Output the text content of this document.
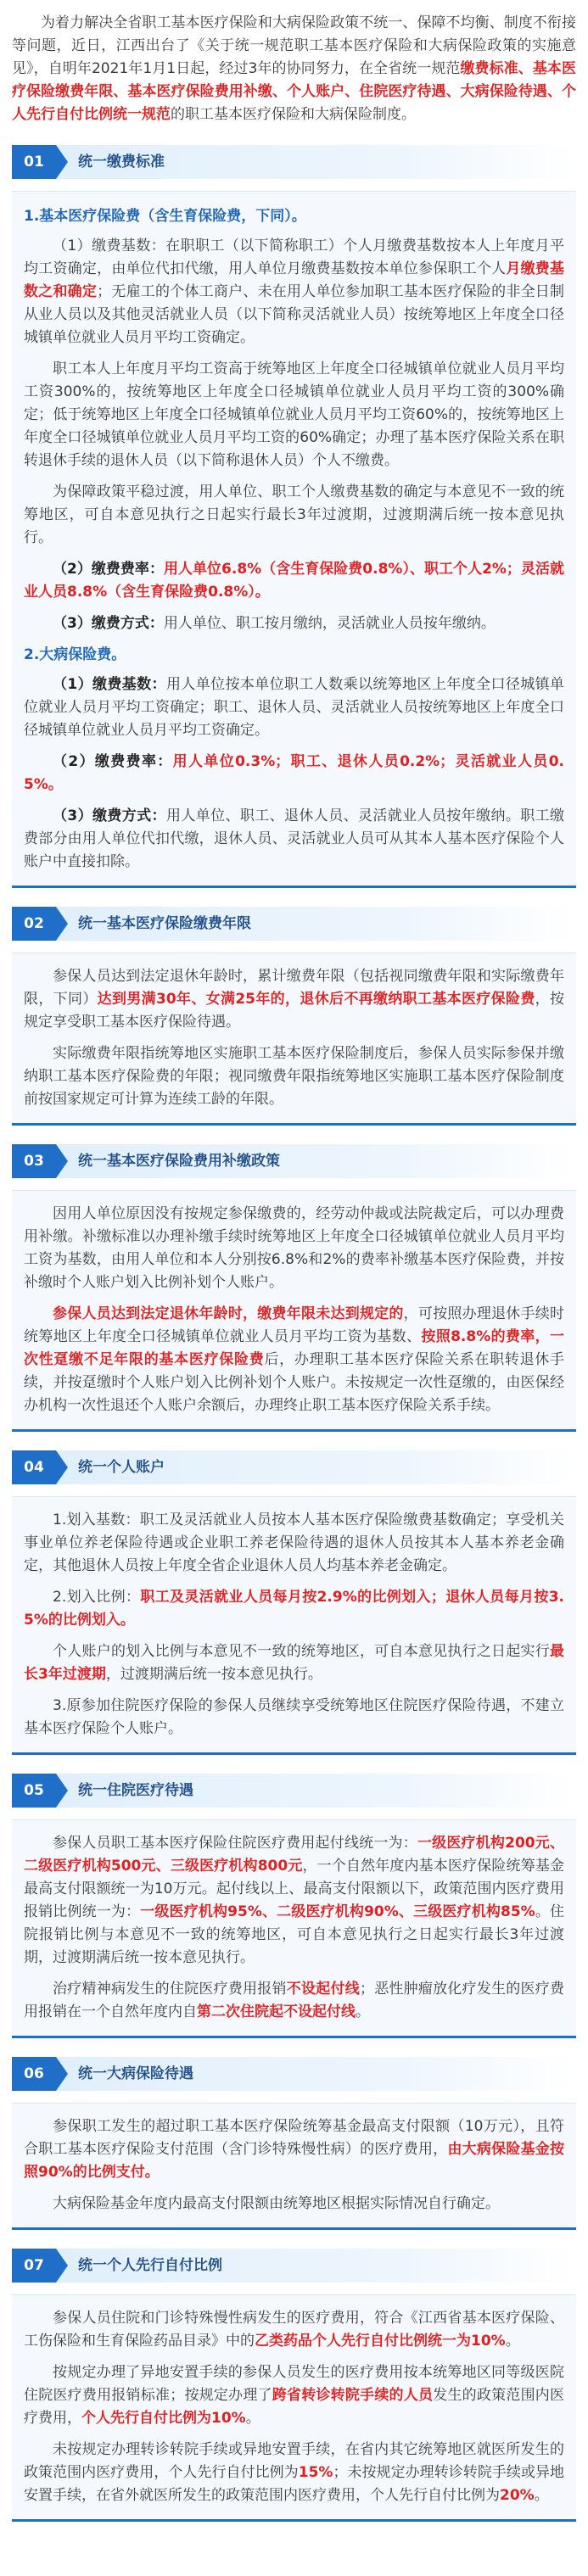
为着力解决全省职工基本医疗保险和大病保险政策不统一、保障不均衡、制度不衔接等问题，近日，江西出台了《关于统一规范职工基本医疗保险和大病保险政策的实施意见》，自明年2021年1月1日起，经过3年的协同努力，在全省统一规范缴费标准、基本医疗保险缴费年限、基本医疗保险费用补缴、个人账户、住院医疗待遇、大病保险待遇、个人先行自付比例统一规范的职工基本医疗保险和大病保险制度。

01	统一缴费标准

1.基本医疗保险费（含生育保险费，下同）。

（1）缴费基数：在职职工（以下简称职工）个人月缴费基数按本人上年度月平均工资确定，由单位代扣代缴，用人单位月缴费基数按本单位参保职工个人月缴费基数之和确定；无雇工的个体工商户、未在用人单位参加职工基本医疗保险的非全日制从业人员以及其他灵活就业人员（以下简称灵活就业人员）按统筹地区上年度全口径城镇单位就业人员月平均工资确定。

职工本人上年度月平均工资高于统筹地区上年度全口径城镇单位就业人员月平均工资300%的，按统筹地区上年度全口径城镇单位就业人员月平均工资的300%确定；低于统筹地区上年度全口径城镇单位就业人员月平均工资60%的，按统筹地区上年度全口径城镇单位就业人员月平均工资的60%确定；办理了基本医疗保险关系在职转退休手续的退休人员（以下简称退休人员）个人不缴费。

为保障政策平稳过渡，用人单位、职工个人缴费基数的确定与本意见不一致的统筹地区，可自本意见执行之日起实行最长3年过渡期，过渡期满后统一按本意见执行。

（2）缴费费率：用人单位6.8%（含生育保险费0.8%）、职工个人2%；灵活就业人员8.8%（含生育保险费0.8%）。

（3）缴费方式：用人单位、职工按月缴纳，灵活就业人员按年缴纳。

2.大病保险费。

（1）缴费基数：用人单位按本单位职工人数乘以统筹地区上年度全口径城镇单位就业人员月平均工资确定；职工、退休人员、灵活就业人员按统筹地区上年度全口径城镇单位就业人员月平均工资确定。

（2）缴费费率：用人单位0.3%；职工、退休人员0.2%；灵活就业人员0.5%。

（3）缴费方式：用人单位、职工、退休人员、灵活就业人员按年缴纳。职工缴费部分由用人单位代扣代缴，退休人员、灵活就业人员可从其本人基本医疗保险个人账户中直接扣除。

02	统一基本医疗保险缴费年限

参保人员达到法定退休年龄时，累计缴费年限（包括视同缴费年限和实际缴费年限，下同）达到男满30年、女满25年的，退休后不再缴纳职工基本医疗保险费，按规定享受职工基本医疗保险待遇。

实际缴费年限指统筹地区实施职工基本医疗保险制度后，参保人员实际参保并缴纳职工基本医疗保险费的年限；视同缴费年限指统筹地区实施职工基本医疗保险制度前按国家规定可计算为连续工龄的年限。

03	统一基本医疗保险费用补缴政策

因用人单位原因没有按规定参保缴费的，经劳动仲裁或法院裁定后，可以办理费用补缴。补缴标准以办理补缴手续时统筹地区上年度全口径城镇单位就业人员月平均工资为基数，由用人单位和本人分别按6.8%和2%的费率补缴基本医疗保险费，并按补缴时个人账户划入比例补划个人账户。

参保人员达到法定退休年龄时，缴费年限未达到规定的，可按照办理退休手续时统筹地区上年度全口径城镇单位就业人员月平均工资为基数、按照8.8%的费率，一次性趸缴不足年限的基本医疗保险费后，办理职工基本医疗保险关系在职转退休手续，并按趸缴时个人账户划入比例补划个人账户。未按规定一次性趸缴的，由医保经办机构一次性退还个人账户余额后，办理终止职工基本医疗保险关系手续。

04	统一个人账户

1.划入基数：职工及灵活就业人员按本人基本医疗保险缴费基数确定；享受机关事业单位养老保险待遇或企业职工养老保险待遇的退休人员按其本人基本养老金确定，其他退休人员按上年度全省企业退休人员人均基本养老金确定。

2.划入比例：职工及灵活就业人员每月按2.9%的比例划入；退休人员每月按3.5%的比例划入。

个人账户的划入比例与本意见不一致的统筹地区，可自本意见执行之日起实行最长3年过渡期，过渡期满后统一按本意见执行。

3.原参加住院医疗保险的参保人员继续享受统筹地区住院医疗保险待遇，不建立基本医疗保险个人账户。

05	统一住院医疗待遇

参保人员职工基本医疗保险住院医疗费用起付线统一为：一级医疗机构200元、二级医疗机构500元、三级医疗机构800元，一个自然年度内基本医疗保险统筹基金最高支付限额统一为10万元。起付线以上、最高支付限额以下，政策范围内医疗费用报销比例统一为：一级医疗机构95%、二级医疗机构90%、三级医疗机构85%。住院报销比例与本意见不一致的统筹地区，可自本意见执行之日起实行最长3年过渡期，过渡期满后统一按本意见执行。

治疗精神病发生的住院医疗费用报销不设起付线；恶性肿瘤放化疗发生的医疗费用报销在一个自然年度内自第二次住院起不设起付线。

06	统一大病保险待遇

参保职工发生的超过职工基本医疗保险统筹基金最高支付限额（10万元），且符合职工基本医疗保险支付范围（含门诊特殊慢性病）的医疗费用，由大病保险基金按照90%的比例支付。

大病保险基金年度内最高支付限额由统筹地区根据实际情况自行确定。

07	统一个人先行自付比例

参保人员住院和门诊特殊慢性病发生的医疗费用，符合《江西省基本医疗保险、工伤保险和生育保险药品目录》中的乙类药品个人先行自付比例统一为10%。

按规定办理了异地安置手续的参保人员发生的医疗费用按本统筹地区同等级医院住院医疗费用报销标准；按规定办理了跨省转诊转院手续的人员发生的政策范围内医疗费用，个人先行自付比例为10%。

未按规定办理转诊转院手续或异地安置手续，在省内其它统筹地区就医所发生的政策范围内医疗费用，个人先行自付比例为15%；未按规定办理转诊转院手续或异地安置手续，在省外就医所发生的政策范围内医疗费用，个人先行自付比例为20%。
